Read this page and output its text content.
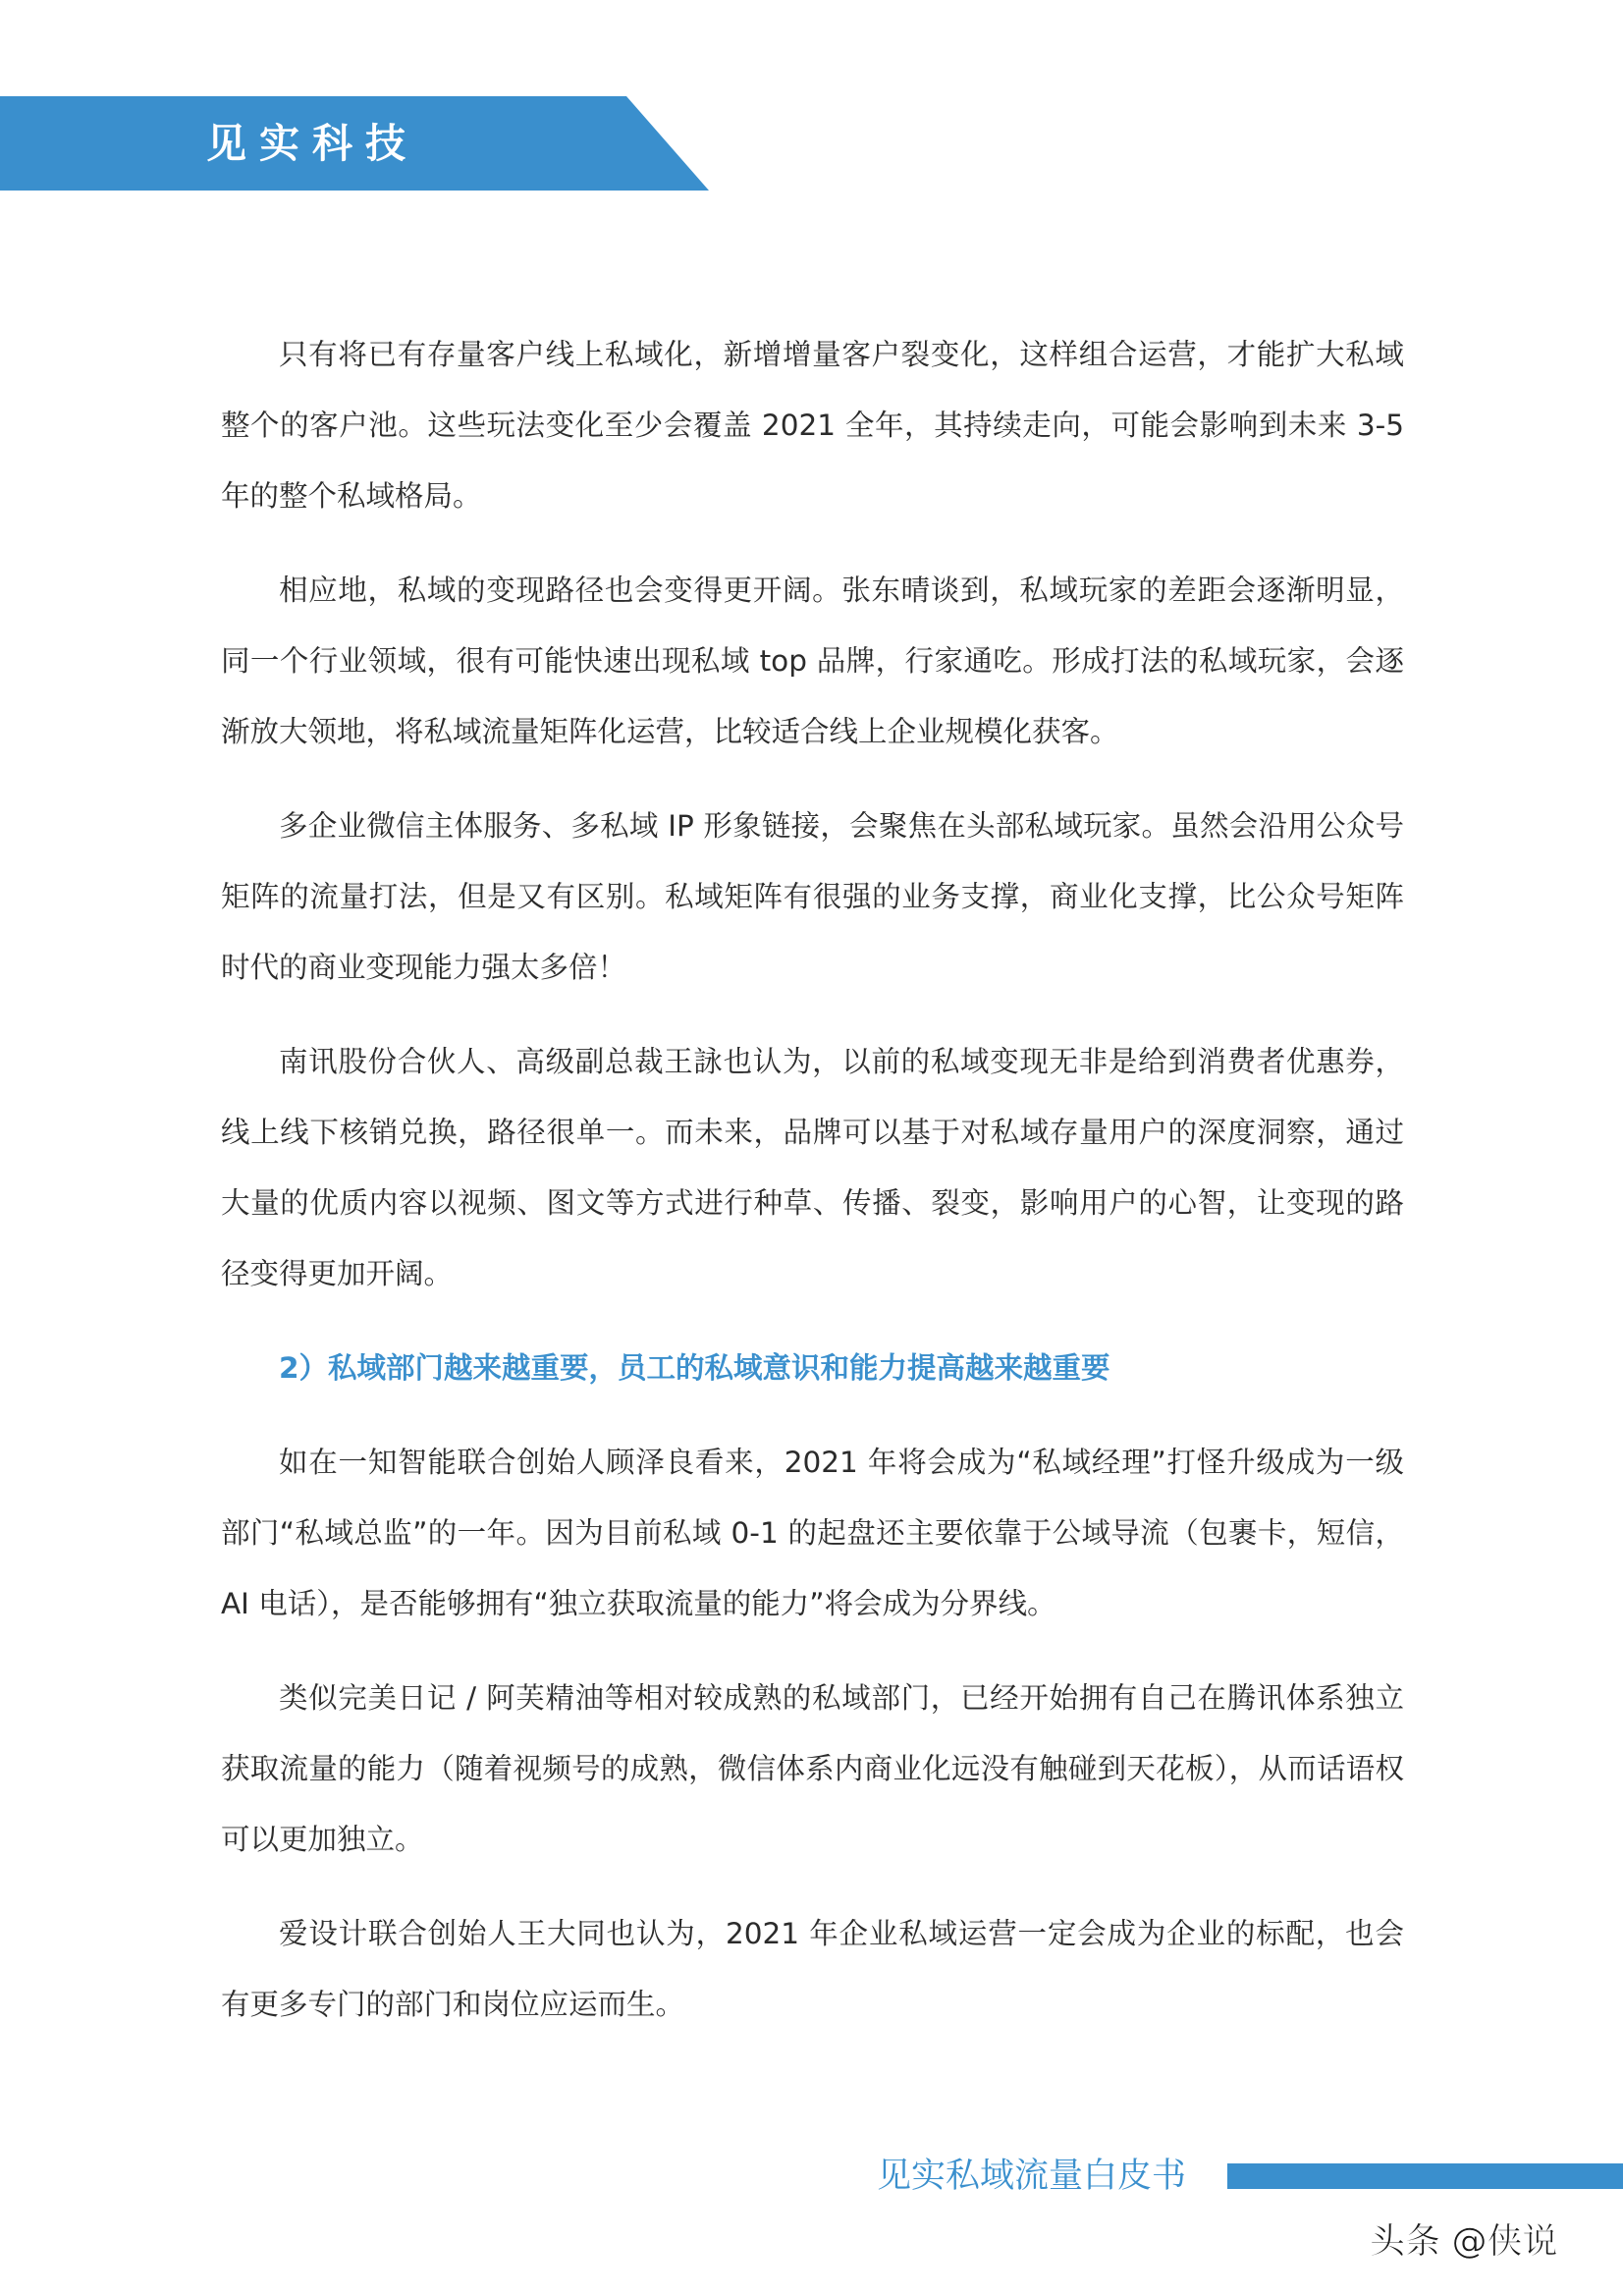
见实科技

只有将已有存量客户线上私域化，新增增量客户裂变化，这样组合运营，才能扩大私域整个的客户池。这些玩法变化至少会覆盖 2021 全年，其持续走向，可能会影响到未来 3-5 年的整个私域格局。

相应地，私域的变现路径也会变得更开阔。张东晴谈到，私域玩家的差距会逐渐明显，同一个行业领域，很有可能快速出现私域 top 品牌，行家通吃。形成打法的私域玩家，会逐渐放大领地，将私域流量矩阵化运营，比较适合线上企业规模化获客。

多企业微信主体服务、多私域 IP 形象链接，会聚焦在头部私域玩家。虽然会沿用公众号矩阵的流量打法，但是又有区别。私域矩阵有很强的业务支撑，商业化支撑，比公众号矩阵时代的商业变现能力强太多倍！

南讯股份合伙人、高级副总裁王詠也认为，以前的私域变现无非是给到消费者优惠券，线上线下核销兑换，路径很单一。而未来，品牌可以基于对私域存量用户的深度洞察，通过大量的优质内容以视频、图文等方式进行种草、传播、裂变，影响用户的心智，让变现的路径变得更加开阔。

2）私域部门越来越重要，员工的私域意识和能力提高越来越重要

如在一知智能联合创始人顾泽良看来，2021 年将会成为“私域经理”打怪升级成为一级部门“私域总监”的一年。因为目前私域 0-1 的起盘还主要依靠于公域导流（包裹卡，短信，AI 电话），是否能够拥有“独立获取流量的能力”将会成为分界线。

类似完美日记 / 阿芙精油等相对较成熟的私域部门，已经开始拥有自己在腾讯体系独立获取流量的能力（随着视频号的成熟，微信体系内商业化远没有触碰到天花板），从而话语权可以更加独立。

爱设计联合创始人王大同也认为，2021 年企业私域运营一定会成为企业的标配，也会有更多专门的部门和岗位应运而生。

见实私域流量白皮书
头条 @侠说
